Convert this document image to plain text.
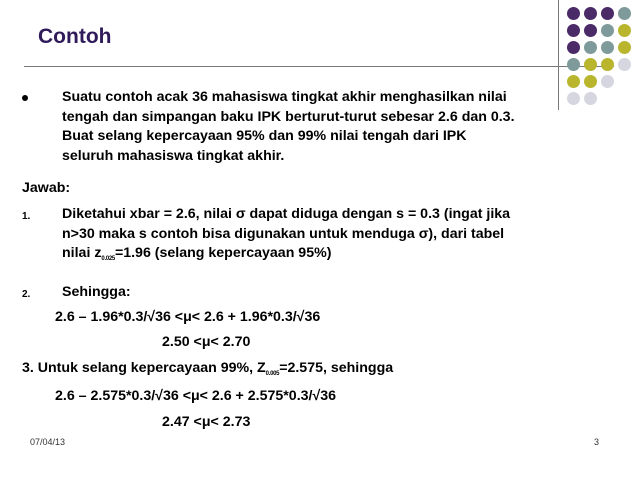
Contoh
Suatu contoh acak 36 mahasiswa tingkat akhir menghasilkan nilai
tengah dan simpangan baku IPK berturut-turut sebesar 2.6 dan 0.3.
Buat selang kepercayaan 95% dan 99% nilai tengah dari IPK
seluruh mahasiswa tingkat akhir.
Jawab:
1. Diketahui xbar = 2.6, nilai σ dapat diduga dengan s = 0.3 (ingat jika
n>30 maka s contoh bisa digunakan untuk menduga σ), dari tabel
nilai $z_{0.025}=1.96$ (selang kepercayaan 95%)
2. Sehingga:
2.6 – 1.96*0.3/√36 <μ< 2.6 + 1.96*0.3/√36
2.50 <μ< 2.70
3. Untuk selang kepercayaan 99%, $Z_{0.005}=2.575$, sehingga
2.6 – 2.575*0.3/√36 <μ< 2.6 + 2.575*0.3/√36
2.47 <μ< 2.73
07/04/13	3
